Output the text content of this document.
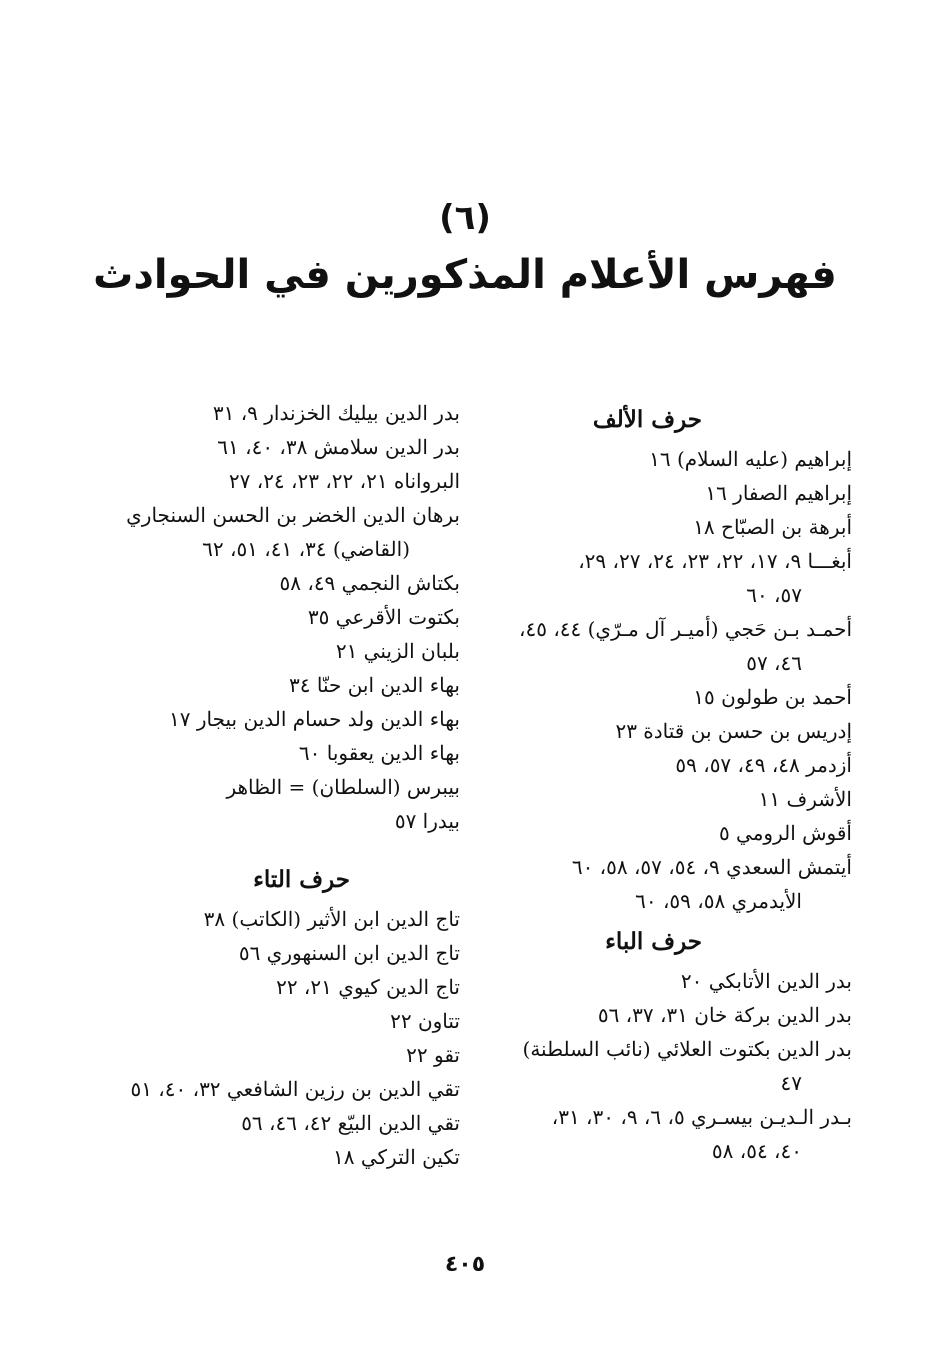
(٦)
فهرس الأعلام المذكورين في الحوادث
حرف الألف
إبراهيم (عليه السلام) ١٦
إبراهيم الصفار ١٦
أبرهة بن الصبّاح ١٨
أبغـــا ٩، ١٧، ٢٢، ٢٣، ٢٤، ٢٧، ٢٩،
٥٧، ٦٠
أحمـد بـن حَجي (أميـر آل مـرّي) ٤٤، ٤٥،
٤٦، ٥٧
أحمد بن طولون ١٥
إدريس بن حسن بن قتادة ٢٣
أزدمر ٤٨، ٤٩، ٥٧، ٥٩
الأشرف ١١
أقوش الرومي ٥
أيتمش السعدي ٩، ٥٤، ٥٧، ٥٨، ٦٠
الأيدمري ٥٨، ٥٩، ٦٠
حرف الباء
بدر الدين الأتابكي ٢٠
بدر الدين بركة خان ٣١، ٣٧، ٥٦
بدر الدين بكتوت العلائي (نائب السلطنة)
٤٧
بـدر الـديـن بيسـري ٥، ٦، ٩، ٣٠، ٣١،
٤٠، ٥٤، ٥٨
بدر الدين بيليك الخزندار ٩، ٣١
بدر الدين سلامش ٣٨، ٤٠، ٦١
البرواناه ٢١، ٢٢، ٢٣، ٢٤، ٢٧
برهان الدين الخضر بن الحسن السنجاري
(القاضي) ٣٤، ٤١، ٥١، ٦٢
بكتاش النجمي ٤٩، ٥٨
بكتوت الأقرعي ٣٥
بلبان الزيني ٢١
بهاء الدين ابن حنّا ٣٤
بهاء الدين ولد حسام الدين بيجار ١٧
بهاء الدين يعقوبا ٦٠
بيبرس (السلطان) = الظاهر
بيدرا ٥٧
حرف التاء
تاج الدين ابن الأثير (الكاتب) ٣٨
تاج الدين ابن السنهوري ٥٦
تاج الدين كيوي ٢١، ٢٢
تتاون ٢٢
تقو ٢٢
تقي الدين بن رزين الشافعي ٣٢، ٤٠، ٥١
تقي الدين البيّع ٤٢، ٤٦، ٥٦
تكين التركي ١٨
٤٠٥
